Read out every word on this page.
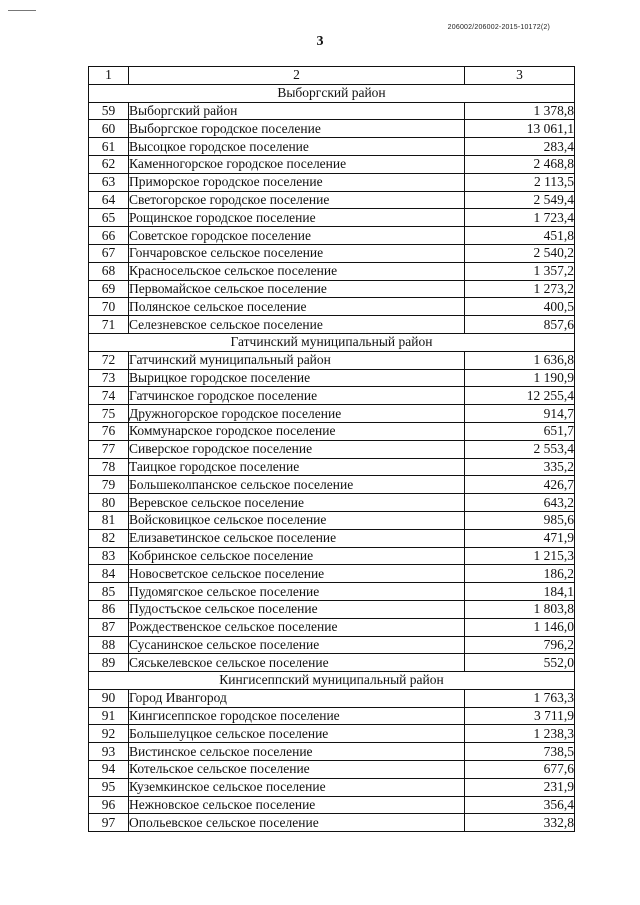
206002/206002-2015-10172(2)
3
1	2	3
Выборгский район		
59	Выборгский район	1 378,8
60	Выборгское городское поселение	13 061,1
61	Высоцкое городское поселение	283,4
62	Каменногорское городское поселение	2 468,8
63	Приморское городское поселение	2 113,5
64	Светогорское городское поселение	2 549,4
65	Рощинское городское поселение	1 723,4
66	Советское городское поселение	451,8
67	Гончаровское сельское поселение	2 540,2
68	Красносельское сельское поселение	1 357,2
69	Первомайское сельское поселение	1 273,2
70	Полянское сельское поселение	400,5
71	Селезневское сельское поселение	857,6
Гатчинский муниципальный район		
72	Гатчинский муниципальный район	1 636,8
73	Вырицкое городское поселение	1 190,9
74	Гатчинское городское поселение	12 255,4
75	Дружногорское городское поселение	914,7
76	Коммунарское городское поселение	651,7
77	Сиверское городское поселение	2 553,4
78	Таицкое городское поселение	335,2
79	Большеколпанское сельское поселение	426,7
80	Веревское сельское поселение	643,2
81	Войсковицкое сельское поселение	985,6
82	Елизаветинское сельское поселение	471,9
83	Кобринское сельское поселение	1 215,3
84	Новосветское сельское поселение	186,2
85	Пудомягское сельское поселение	184,1
86	Пудостьское сельское поселение	1 803,8
87	Рождественское сельское поселение	1 146,0
88	Сусанинское сельское поселение	796,2
89	Сяськелевское сельское поселение	552,0
Кингисеппский муниципальный район		
90	Город Ивангород	1 763,3
91	Кингисеппское городское поселение	3 711,9
92	Большелуцкое сельское поселение	1 238,3
93	Вистинское сельское поселение	738,5
94	Котельское сельское поселение	677,6
95	Куземкинское сельское поселение	231,9
96	Нежновское сельское поселение	356,4
97	Опольевское сельское поселение	332,8
